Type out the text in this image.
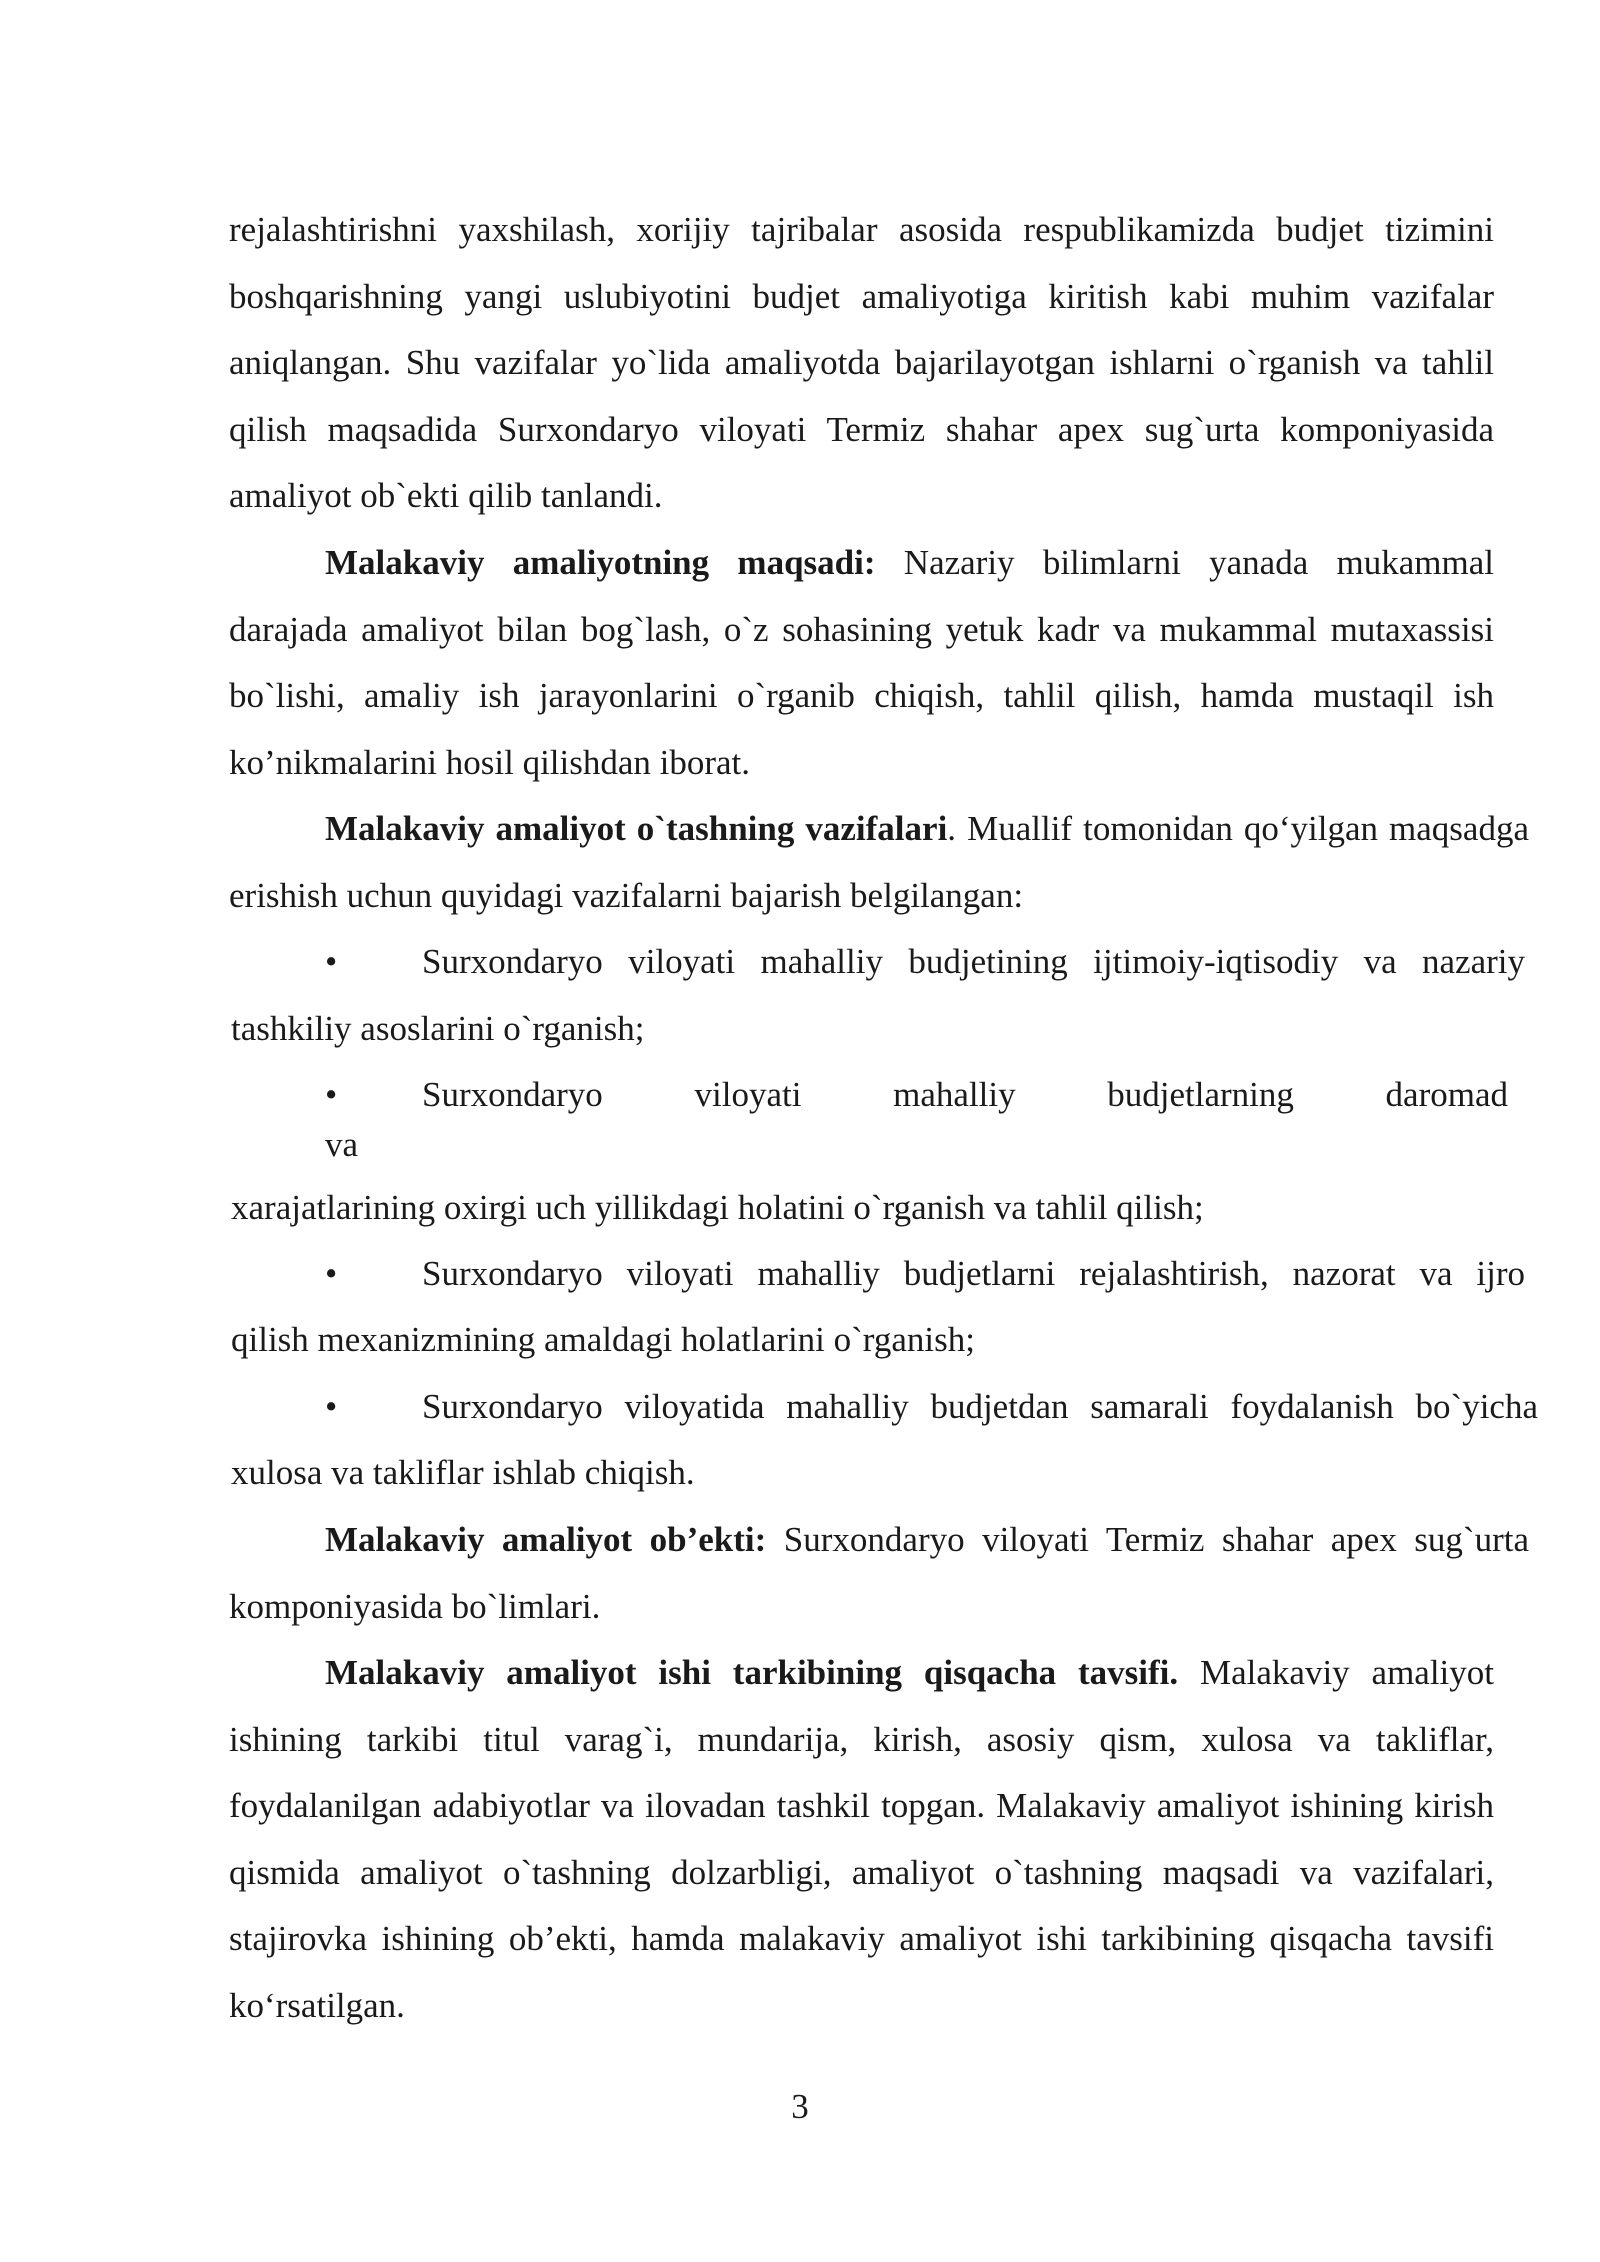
rejalashtirishni yaxshilash, xorijiy tajribalar asosida respublikamizda budjet tizimini boshqarishning yangi uslubiyotini budjet amaliyotiga kiritish kabi muhim vazifalar aniqlangan. Shu vazifalar yo`lida amaliyotda bajarilayotgan ishlarni o`rganish va tahlil qilish maqsadida Surxondaryo viloyati Termiz shahar apex sug`urta komponiyasida amaliyot ob`ekti qilib tanlandi.

Malakaviy amaliyotning maqsadi: Nazariy bilimlarni yanada mukammal darajada amaliyot bilan bog`lash, o`z sohasining yetuk kadr va mukammal mutaxassisi bo`lishi, amaliy ish jarayonlarini o`rganib chiqish, tahlil qilish, hamda mustaqil ish ko’nikmalarini hosil qilishdan iborat.

Malakaviy amaliyot o`tashning vazifalari. Muallif tomonidan qo‘yilgan maqsadga erishish uchun quyidagi vazifalarni bajarish belgilangan:

•	Surxondaryo viloyati mahalliy budjetining ijtimoiy-iqtisodiy va nazariy

tashkiliy asoslarini o`rganish;

•	Surxondaryo viloyati mahalliy budjetlarning daromad

va

xarajatlarining oxirgi uch yillikdagi holatini o`rganish va tahlil qilish;

•	Surxondaryo viloyati mahalliy budjetlarni rejalashtirish, nazorat va ijro

qilish mexanizmining amaldagi holatlarini o`rganish;

•	Surxondaryo viloyatida mahalliy budjetdan samarali foydalanish bo`yicha

xulosa va takliflar ishlab chiqish.

Malakaviy amaliyot ob’ekti: Surxondaryo viloyati Termiz shahar apex sug`urta komponiyasida bo`limlari.

Malakaviy amaliyot ishi tarkibining qisqacha tavsifi. Malakaviy amaliyot ishining tarkibi titul varag`i, mundarija, kirish, asosiy qism, xulosa va takliflar, foydalanilgan adabiyotlar va ilovadan tashkil topgan. Malakaviy amaliyot ishining kirish qismida amaliyot o`tashning dolzarbligi, amaliyot o`tashning maqsadi va vazifalari, stajirovka ishining ob’ekti, hamda malakaviy amaliyot ishi tarkibining qisqacha tavsifi ko‘rsatilgan.

3
